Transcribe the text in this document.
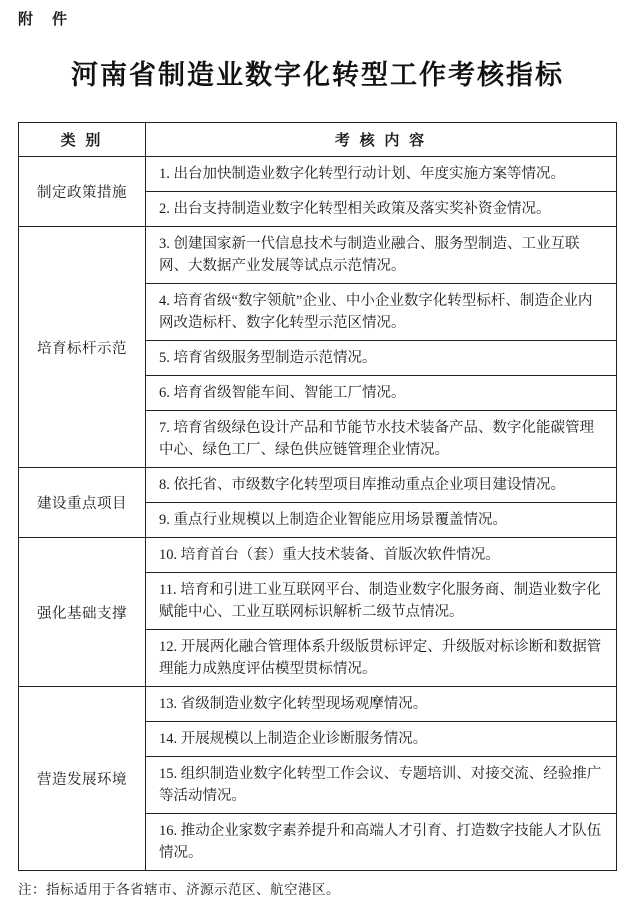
附　件
河南省制造业数字化转型工作考核指标
类 别	考 核 内 容
制定政策措施	1. 出台加快制造业数字化转型行动计划、年度实施方案等情况。
	2. 出台支持制造业数字化转型相关政策及落实奖补资金情况。
培育标杆示范	3. 创建国家新一代信息技术与制造业融合、服务型制造、工业互联网、大数据产业发展等试点示范情况。
	4. 培育省级“数字领航”企业、中小企业数字化转型标杆、制造企业内网改造标杆、数字化转型示范区情况。
	5. 培育省级服务型制造示范情况。
	6. 培育省级智能车间、智能工厂情况。
	7. 培育省级绿色设计产品和节能节水技术装备产品、数字化能碳管理中心、绿色工厂、绿色供应链管理企业情况。
建设重点项目	8. 依托省、市级数字化转型项目库推动重点企业项目建设情况。
	9. 重点行业规模以上制造企业智能应用场景覆盖情况。
强化基础支撑	10. 培育首台（套）重大技术装备、首版次软件情况。
	11. 培育和引进工业互联网平台、制造业数字化服务商、制造业数字化赋能中心、工业互联网标识解析二级节点情况。
	12. 开展两化融合管理体系升级版贯标评定、升级版对标诊断和数据管理能力成熟度评估模型贯标情况。
营造发展环境	13. 省级制造业数字化转型现场观摩情况。
	14. 开展规模以上制造企业诊断服务情况。
	15. 组织制造业数字化转型工作会议、专题培训、对接交流、经验推广等活动情况。
	16. 推动企业家数字素养提升和高端人才引育、打造数字技能人才队伍情况。
注：指标适用于各省辖市、济源示范区、航空港区。
